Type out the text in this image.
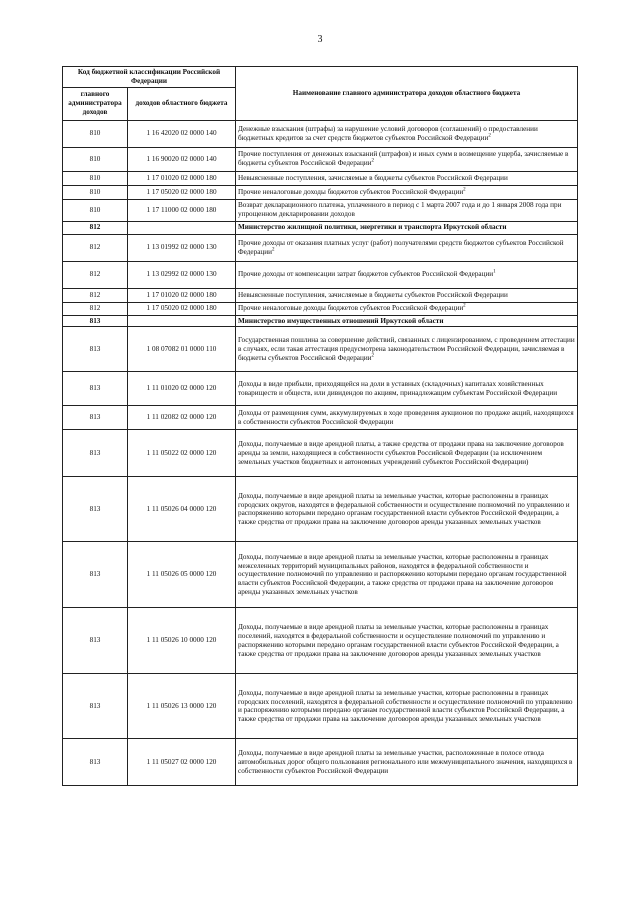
3
Код бюджетной классификации Российской Федерации		Наименование главного администратора доходов областного бюджета
главного администратора доходов	доходов областного бюджета	
810	1 16 42020 02 0000 140	Денежные взыскания (штрафы) за нарушение условий договоров (соглашений) о предоставлении бюджетных кредитов за счет средств бюджетов субъектов Российской Федерации$^2$
810	1 16 90020 02 0000 140	Прочие поступления от денежных взысканий (штрафов) и иных сумм в возмещение ущерба, зачисляемые в бюджеты субъектов Российской Федерации$^2$
810	1 17 01020 02 0000 180	Невыясненные поступления, зачисляемые в бюджеты субъектов Российской Федерации
810	1 17 05020 02 0000 180	Прочие неналоговые доходы бюджетов субъектов Российской Федерации$^2$
810	1 17 11000 02 0000 180	Возврат декларационного платежа, уплаченного в период с 1 марта 2007 года и до 1 января 2008 года при упрощенном декларировании доходов
812		Министерство жилищной политики, энергетики и транспорта Иркутской области
812	1 13 01992 02 0000 130	Прочие доходы от оказания платных услуг (работ) получателями средств бюджетов субъектов Российской Федерации$^2$
812	1 13 02992 02 0000 130	Прочие доходы от компенсации затрат бюджетов субъектов Российской Федерации$^1$
812	1 17 01020 02 0000 180	Невыясненные поступления, зачисляемые в бюджеты субъектов Российской Федерации
812	1 17 05020 02 0000 180	Прочие неналоговые доходы бюджетов субъектов Российской Федерации$^2$
813		Министерство имущественных отношений Иркутской области
813	1 08 07082 01 0000 110	Государственная пошлина за совершение действий, связанных с лицензированием, с проведением аттестации в случаях, если такая аттестация предусмотрена законодательством Российской Федерации, зачисляемая в бюджеты субъектов Российской Федерации$^2$
813	1 11 01020 02 0000 120	Доходы в виде прибыли, приходящейся на доли в уставных (складочных) капиталах хозяйственных товариществ и обществ, или дивидендов по акциям, принадлежащим субъектам Российской Федерации
813	1 11 02082 02 0000 120	Доходы от размещения сумм, аккумулируемых в ходе проведения аукционов по продаже акций, находящихся в собственности субъектов Российской Федерации
813	1 11 05022 02 0000 120	Доходы, получаемые в виде арендной платы, а также средства от продажи права на заключение договоров аренды за земли, находящиеся в собственности субъектов Российской Федерации (за исключением земельных участков бюджетных и автономных учреждений субъектов Российской Федерации)
813	1 11 05026 04 0000 120	Доходы, получаемые в виде арендной платы за земельные участки, которые расположены в границах городских округов, находятся в федеральной собственности и осуществление полномочий по управлению и распоряжению которыми передано органам государственной власти субъектов Российской Федерации, а также средства от продажи права на заключение договоров аренды указанных земельных участков
813	1 11 05026 05 0000 120	Доходы, получаемые в виде арендной платы за земельные участки, которые расположены в границах межселенных территорий муниципальных районов, находятся в федеральной собственности и осуществление полномочий по управлению и распоряжению которыми передано органам государственной власти субъектов Российской Федерации, а также средства от продажи права на заключение договоров аренды указанных земельных участков
813	1 11 05026 10 0000 120	Доходы, получаемые в виде арендной платы за земельные участки, которые расположены в границах поселений, находятся в федеральной собственности и осуществление полномочий по управлению и распоряжению которыми передано органам государственной власти субъектов Российской Федерации, а также средства от продажи права на заключение договоров аренды указанных земельных участков
813	1 11 05026 13 0000 120	Доходы, получаемые в виде арендной платы за земельные участки, которые расположены в границах городских поселений, находятся в федеральной собственности и осуществление полномочий по управлению и распоряжению которыми передано органам государственной власти субъектов Российской Федерации, а также средства от продажи права на заключение договоров аренды указанных земельных участков
813	1 11 05027 02 0000 120	Доходы, получаемые в виде арендной платы за земельные участки, расположенные в полосе отвода автомобильных дорог общего пользования регионального или межмуниципального значения, находящихся в собственности субъектов Российской Федерации
